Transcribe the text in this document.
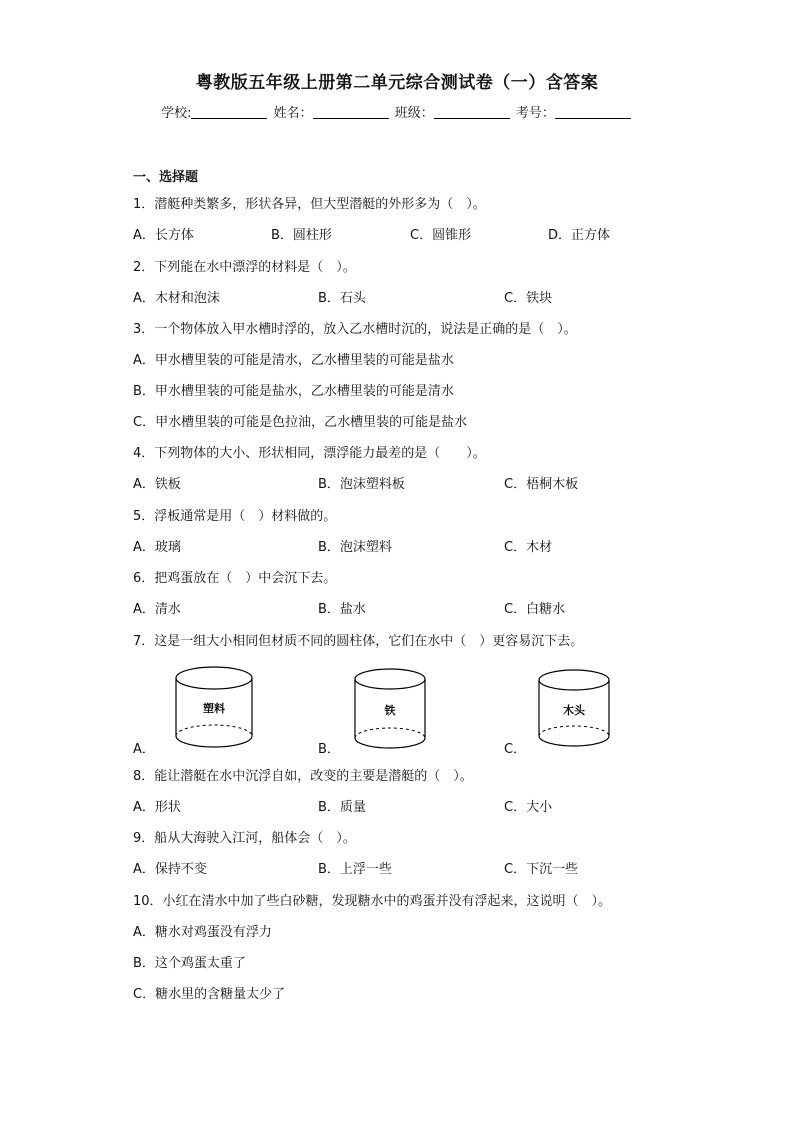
粤教版五年级上册第二单元综合测试卷（一）含答案
学校:	姓名：	班级：	考号：
一、选择题
1．潜艇种类繁多，形状各异，但大型潜艇的外形多为（　）。
A．长方体	B．圆柱形	C．圆锥形	D．正方体
2．下列能在水中漂浮的材料是（　）。
A．木材和泡沫	B．石头	C．铁块
3．一个物体放入甲水槽时浮的，放入乙水槽时沉的，说法是正确的是（　）。
A．甲水槽里装的可能是清水，乙水槽里装的可能是盐水
B．甲水槽里装的可能是盐水，乙水槽里装的可能是清水
C．甲水槽里装的可能是色拉油，乙水槽里装的可能是盐水
4．下列物体的大小、形状相同，漂浮能力最差的是（　　）。
A．铁板	B．泡沫塑料板	C．梧桐木板
5．浮板通常是用（　）材料做的。
A．玻璃	B．泡沫塑料	C．木材
6．把鸡蛋放在（　）中会沉下去。
A．清水	B．盐水	C．白糖水
7．这是一组大小相同但材质不同的圆柱体，它们在水中（　）更容易沉下去。
塑料	铁	木头
A．	B．	C．
8．能让潜艇在水中沉浮自如，改变的主要是潜艇的（　）。
A．形状	B．质量	C．大小
9．船从大海驶入江河，船体会（　）。
A．保持不变	B．上浮一些	C．下沉一些
10．小红在清水中加了些白砂糖，发现糖水中的鸡蛋并没有浮起来，这说明（　）。
A．糖水对鸡蛋没有浮力
B．这个鸡蛋太重了
C．糖水里的含糖量太少了
